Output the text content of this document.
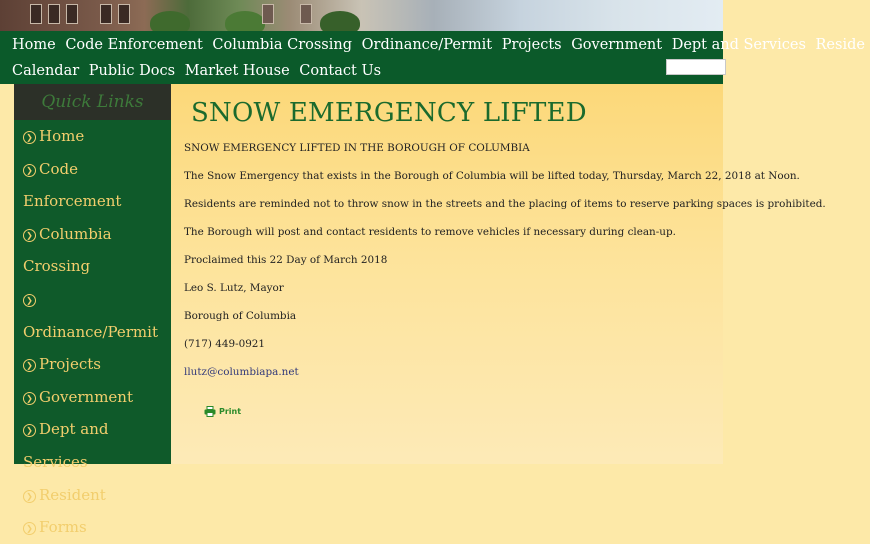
Home Code Enforcement Columbia Crossing Ordinance/Permit Projects Government Dept and Services Reside
Calendar Public Docs Market House Contact Us
Quick Links
❯ Home
❯ Code
Enforcement
❯ Columbia
Crossing
❯Ordinance/Permit
❯ Projects
❯ Government
❯ Dept and Services
❯ Resident
❯ Forms
SNOW EMERGENCY LIFTED
SNOW EMERGENCY LIFTED IN THE BOROUGH OF COLUMBIA
The Snow Emergency that exists in the Borough of Columbia will be lifted today, Thursday, March 22, 2018 at Noon.
Residents are reminded not to throw snow in the streets and the placing of items to reserve parking spaces is prohibited.
The Borough will post and contact residents to remove vehicles if necessary during clean-up.
Proclaimed this 22 Day of March 2018
Leo S. Lutz, Mayor
Borough of Columbia
(717) 449-0921
llutz@columbiapa.net
Print
